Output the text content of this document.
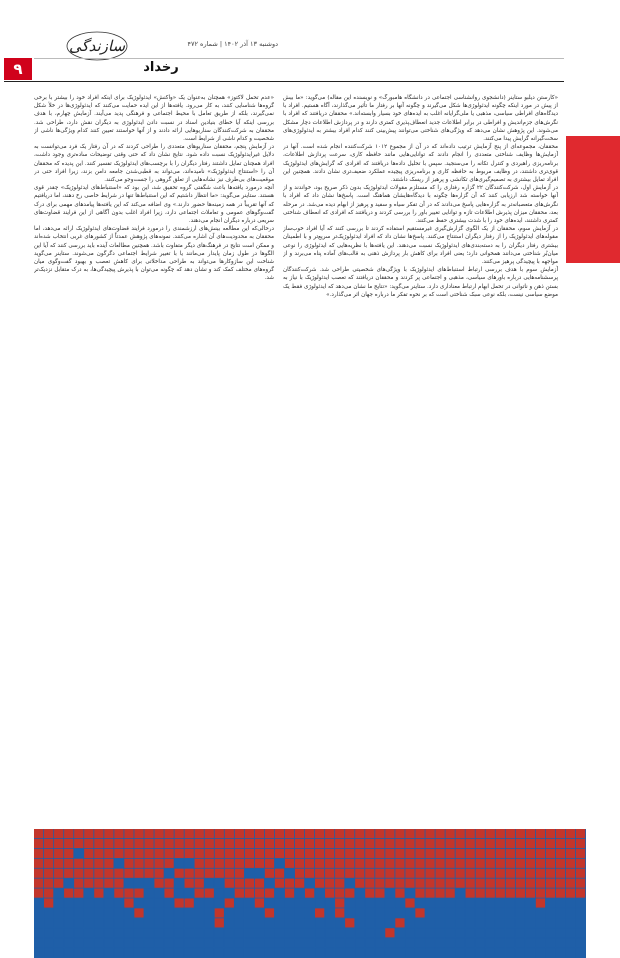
دوشنبه ۱۳ آذر ۱۴۰۲ | شماره ۴۷۲
سازندگی
۹	رخداد

«کارستن دیلبو ستاینر (دانشجوی روانشناسی اجتماعی در دانشگاه هامبورگ» و نویسنده این مقاله) می‌گوید: «ما بیش از پیش در مورد اینکه چگونه ایدئولوژی‌ها شکل می‌گیرند و چگونه آنها بر رفتار ما تأثیر می‌گذارند، آگاه هستیم. افراد با دیدگاه‌های افراطی سیاسی، مذهبی یا ملی‌گرایانه اغلب به ایده‌های خود بسیار وابسته‌اند.» محققان دریافتند که افراد با نگرش‌های جزم‌اندیش و افراطی در برابر اطلاعات جدید انعطاف‌پذیری کمتری دارند و در پردازش اطلاعات دچار مشکل می‌شوند. این پژوهش نشان می‌دهد که ویژگی‌های شناختی می‌توانند پیش‌بینی کنند کدام افراد بیشتر به ایدئولوژی‌های سخت‌گیرانه گرایش پیدا می‌کنند.

محققان، مجموعه‌ای از پنج آزمایش ترتیب داده‌اند که در آن از مجموع ۱۰۱۲ شرکت‌کننده انجام شده است. آنها در آزمایش‌ها وظایف شناختی متعددی را انجام دادند که توانایی‌هایی مانند حافظه کاری، سرعت پردازش اطلاعات، برنامه‌ریزی راهبردی و کنترل تکانه را می‌سنجید. سپس با تحلیل داده‌ها دریافتند که افرادی که گرایش‌های ایدئولوژیک قوی‌تری داشتند، در وظایف مربوط به حافظه کاری و برنامه‌ریزی پیچیده عملکرد ضعیف‌تری نشان دادند. همچنین این افراد تمایل بیشتری به تصمیم‌گیری‌های تکانشی و پرهیز از ریسک داشتند.

در آزمایش اول، شرکت‌کنندگان ۲۲ گزاره رفتاری را که مستلزم مقولات ایدئولوژیک بدون ذکر صریح بود، خواندند و از آنها خواسته شد ارزیابی کنند که آن گزاره‌ها چگونه با دیدگاه‌هایشان هماهنگ است. پاسخ‌ها نشان داد که افراد با نگرش‌های متعصبانه‌تر به گزاره‌هایی پاسخ می‌دادند که در آن تفکر سیاه و سفید و پرهیز از ابهام دیده می‌شد. در مرحله بعد، محققان میزان پذیرش اطلاعات تازه و توانایی تغییر باور را بررسی کردند و دریافتند که افرادی که انعطاف شناختی کمتری داشتند، ایده‌های خود را با شدت بیشتری حفظ می‌کنند.

در آزمایش سوم، محققان از یک الگوی گزارش‌گیری غیرمستقیم استفاده کردند تا بررسی کنند که آیا افراد خوب‌ساز مقوله‌های ایدئولوژیک را از رفتار دیگران استنتاج می‌کنند. پاسخ‌ها نشان داد که افراد ایدئولوژیک‌تر سریع‌تر و با اطمینان بیشتری رفتار دیگران را به دسته‌بندی‌های ایدئولوژیک نسبت می‌دهند. این یافته‌ها با نظریه‌هایی که ایدئولوژی را نوعی میان‌بُر شناختی می‌دانند همخوانی دارد؛ یعنی افراد برای کاهش بار پردازش ذهنی به قالب‌های آماده پناه می‌برند و از مواجهه با پیچیدگی پرهیز می‌کنند.

آزمایش سوم با هدف بررسی ارتباط استنباط‌های ایدئولوژیک با ویژگی‌های شخصیتی طراحی شد. شرکت‌کنندگان پرسشنامه‌هایی درباره باورهای سیاسی، مذهبی و اجتماعی پر کردند و محققان دریافتند که تعصب ایدئولوژیک با نیاز به بستن ذهن و ناتوانی در تحمل ابهام ارتباط معناداری دارد. ستاینر می‌گوید: «نتایج ما نشان می‌دهد که ایدئولوژی فقط یک موضع سیاسی نیست، بلکه نوعی سبک شناختی است که بر نحوه تفکر ما درباره جهان اثر می‌گذارد.»

«عدم تحمل لاکتوز» همچنان به‌عنوان یک «واکنش» ایدئولوژیک برای اینکه افراد خود را بیشتر با برخی گروه‌ها شناسایی کنند، به کار می‌رود. یافته‌ها از این ایده حمایت می‌کنند که ایدئولوژی‌ها در خلأ شکل نمی‌گیرند، بلکه از طریق تعامل با محیط اجتماعی و فرهنگی پدید می‌آیند. آزمایش چهارم، با هدف بررسی اینکه آیا خطای بنیادین اسناد در نسبت دادن ایدئولوژی به دیگران نقش دارد، طراحی شد. محققان به شرکت‌کنندگان سناریوهایی ارائه دادند و از آنها خواستند تعیین کنند کدام ویژگی‌ها ناشی از شخصیت و کدام ناشی از شرایط است.

در آزمایش پنجم، محققان سناریوهای متعددی را طراحی کردند که در آن رفتار یک فرد می‌توانست به دلایل غیرایدئولوژیک نسبت داده شود. نتایج نشان داد که حتی وقتی توضیحات ساده‌تری وجود داشت، افراد همچنان تمایل داشتند رفتار دیگران را با برچسب‌های ایدئولوژیک تفسیر کنند. این پدیده که محققان آن را «استنتاج ایدئولوژیک» نامیده‌اند، می‌تواند به قطبی‌شدن جامعه دامن بزند، زیرا افراد حتی در موقعیت‌های بی‌طرف نیز نشانه‌هایی از تعلق گروهی را جست‌وجو می‌کنند.

آنچه درمورد یافته‌ها باعث شگفتی گروه تحقیق شد، این بود که «استنباط‌های ایدئولوژیک» چقدر قوی هستند. ستاینر می‌گوید: «ما انتظار داشتیم که این استنباط‌ها تنها در شرایط خاصی رخ دهند، اما دریافتیم که آنها تقریباً در همه زمینه‌ها حضور دارند.» وی اضافه می‌کند که این یافته‌ها پیامدهای مهمی برای درک گفت‌وگوهای عمومی و تعاملات اجتماعی دارد، زیرا افراد اغلب بدون آگاهی از این فرایند قضاوت‌های سریعی درباره دیگران انجام می‌دهند.

درحالی‌که این مطالعه بینش‌های ارزشمندی را درمورد فرایند قضاوت‌های ایدئولوژیک ارائه می‌دهد، اما محققان به محدودیت‌های آن اشاره می‌کنند. نمونه‌های پژوهش عمدتاً از کشورهای غربی انتخاب شده‌اند و ممکن است نتایج در فرهنگ‌های دیگر متفاوت باشد. همچنین مطالعات آینده باید بررسی کنند که آیا این الگوها در طول زمان پایدار می‌مانند یا با تغییر شرایط اجتماعی دگرگون می‌شوند. ستاینر می‌گوید شناخت این سازوکارها می‌تواند به طراحی مداخلاتی برای کاهش تعصب و بهبود گفت‌وگوی میان گروه‌های مختلف کمک کند و نشان دهد که چگونه می‌توان با پذیرش پیچیدگی‌ها، به درک متقابل نزدیک‌تر شد.
